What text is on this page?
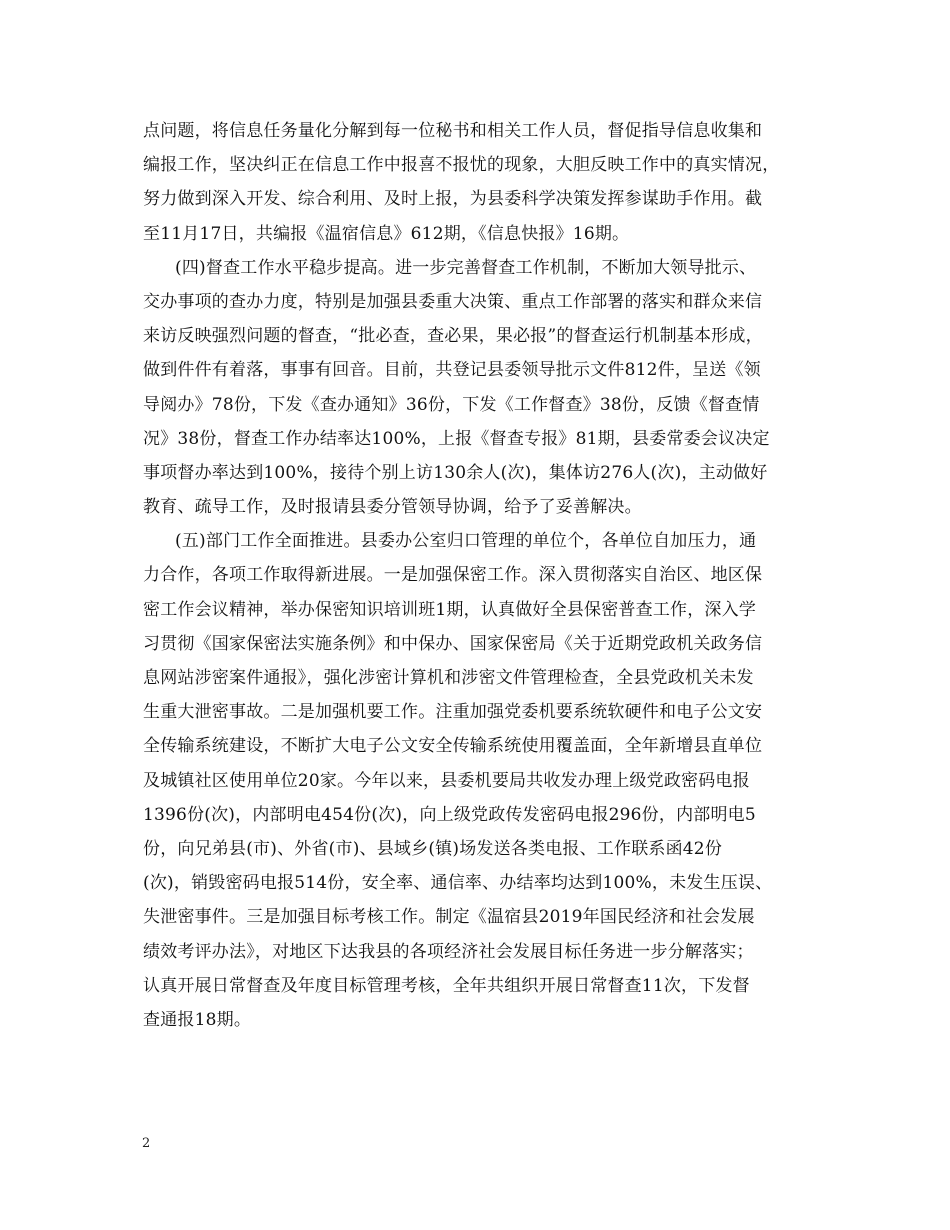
点问题，将信息任务量化分解到每一位秘书和相关工作人员，督促指导信息收集和
编报工作，坚决纠正在信息工作中报喜不报忧的现象，大胆反映工作中的真实情况，
努力做到深入开发、综合利用、及时上报，为县委科学决策发挥参谋助手作用。截
至11月17日，共编报《温宿信息》612期，《信息快报》16期。
(四)督查工作水平稳步提高。进一步完善督查工作机制，不断加大领导批示、
交办事项的查办力度，特别是加强县委重大决策、重点工作部署的落实和群众来信
来访反映强烈问题的督查，“批必查，查必果，果必报”的督查运行机制基本形成，
做到件件有着落，事事有回音。目前，共登记县委领导批示文件812件，呈送《领
导阅办》78份，下发《查办通知》36份，下发《工作督查》38份，反馈《督查情
况》38份，督查工作办结率达100%，上报《督查专报》81期，县委常委会议决定
事项督办率达到100%，接待个别上访130余人(次)，集体访276人(次)，主动做好
教育、疏导工作，及时报请县委分管领导协调，给予了妥善解决。
(五)部门工作全面推进。县委办公室归口管理的单位个，各单位自加压力，通
力合作，各项工作取得新进展。一是加强保密工作。深入贯彻落实自治区、地区保
密工作会议精神，举办保密知识培训班1期，认真做好全县保密普查工作，深入学
习贯彻《国家保密法实施条例》和中保办、国家保密局《关于近期党政机关政务信
息网站涉密案件通报》，强化涉密计算机和涉密文件管理检查，全县党政机关未发
生重大泄密事故。二是加强机要工作。注重加强党委机要系统软硬件和电子公文安
全传输系统建设，不断扩大电子公文安全传输系统使用覆盖面，全年新增县直单位
及城镇社区使用单位20家。今年以来，县委机要局共收发办理上级党政密码电报
1396份(次)，内部明电454份(次)，向上级党政传发密码电报296份，内部明电5
份，向兄弟县(市)、外省(市)、县域乡(镇)场发送各类电报、工作联系函42份
(次)，销毁密码电报514份，安全率、通信率、办结率均达到100%，未发生压误、
失泄密事件。三是加强目标考核工作。制定《温宿县2019年国民经济和社会发展
绩效考评办法》，对地区下达我县的各项经济社会发展目标任务进一步分解落实；
认真开展日常督查及年度目标管理考核，全年共组织开展日常督查11次，下发督
查通报18期。
2
